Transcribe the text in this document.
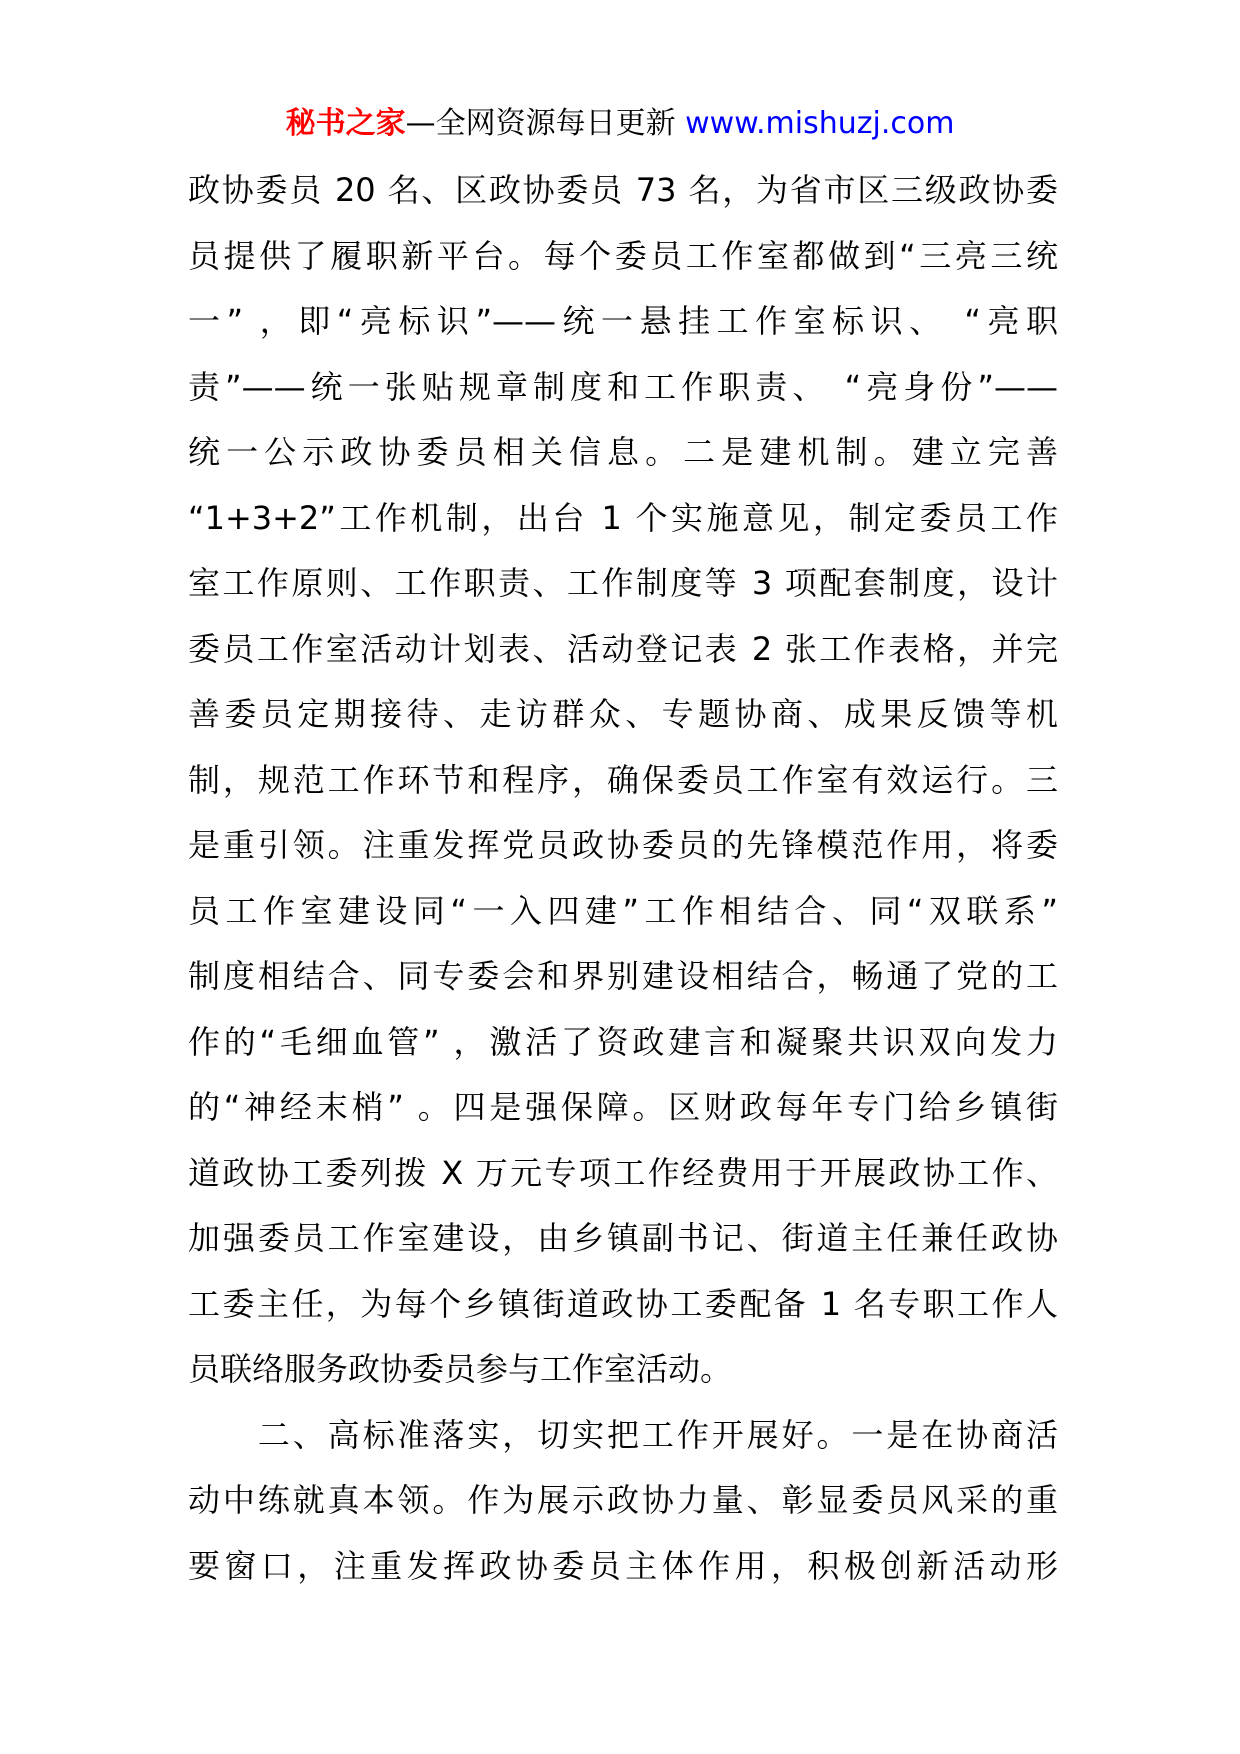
秘书之家—全网资源每日更新 www.mishuzj.com
政协委员 20 名、区政协委员 73 名，为省市区三级政协委
员提供了履职新平台。每个委员工作室都做到“三亮三统
一” ，即“亮标识”——统一悬挂工作室标识、 “亮职
责”——统一张贴规章制度和工作职责、 “亮身份”——
统一公示政协委员相关信息。二是建机制。建立完善
“1+3+2”工作机制，出台 1 个实施意见，制定委员工作
室工作原则、工作职责、工作制度等 3 项配套制度，设计
委员工作室活动计划表、活动登记表 2 张工作表格，并完
善委员定期接待、走访群众、专题协商、成果反馈等机
制，规范工作环节和程序，确保委员工作室有效运行。三
是重引领。注重发挥党员政协委员的先锋模范作用，将委
员工作室建设同“一入四建”工作相结合、同“双联系”
制度相结合、同专委会和界别建设相结合，畅通了党的工
作的“毛细血管” ，激活了资政建言和凝聚共识双向发力
的“神经末梢” 。四是强保障。区财政每年专门给乡镇街
道政协工委列拨 X 万元专项工作经费用于开展政协工作、
加强委员工作室建设，由乡镇副书记、街道主任兼任政协
工委主任，为每个乡镇街道政协工委配备 1 名专职工作人
员联络服务政协委员参与工作室活动。
　　二、高标准落实，切实把工作开展好。一是在协商活
动中练就真本领。作为展示政协力量、彰显委员风采的重
要窗口，注重发挥政协委员主体作用，积极创新活动形
